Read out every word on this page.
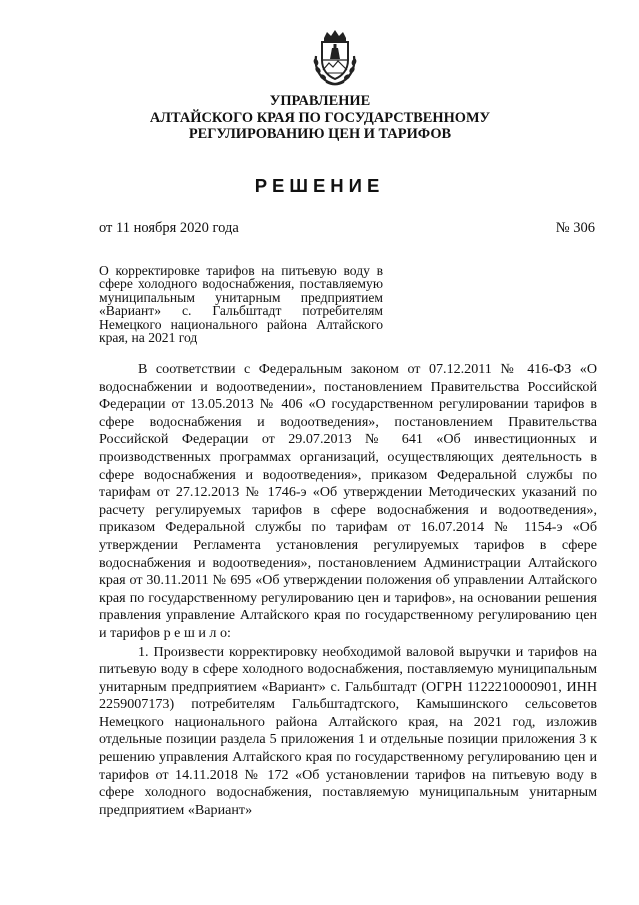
УПРАВЛЕНИЕ
АЛТАЙСКОГО КРАЯ ПО ГОСУДАРСТВЕННОМУ
РЕГУЛИРОВАНИЮ ЦЕН И ТАРИФОВ
РЕШЕНИЕ
от 11 ноября 2020 года	№ 306
О корректировке тарифов на питьевую воду в сфере холодного водоснабжения, поставляемую муниципальным унитарным предприятием «Вариант» с. Гальбштадт потребителям Немецкого национального района Алтайского края, на 2021 год

В соответствии с Федеральным законом от 07.12.2011 № 416-ФЗ «О водоснабжении и водоотведении», постановлением Правительства Российской Федерации от 13.05.2013 № 406 «О государственном регулировании тарифов в сфере водоснабжения и водоотведения», постановлением Правительства Российской Федерации от 29.07.2013 № 641 «Об инвестиционных и производственных программах организаций, осуществляющих деятельность в сфере водоснабжения и водоотведения», приказом Федеральной службы по тарифам от 27.12.2013 № 1746-э «Об утверждении Методических указаний по расчету регулируемых тарифов в сфере водоснабжения и водоотведения», приказом Федеральной службы по тарифам от 16.07.2014 № 1154-э «Об утверждении Регламента установления регулируемых тарифов в сфере водоснабжения и водоотведения», постановлением Администрации Алтайского края от 30.11.2011 № 695 «Об утверждении положения об управлении Алтайского края по государственному регулированию цен и тарифов», на основании решения правления управление Алтайского края по государственному регулированию цен и тарифов р е ш и л о:

1. Произвести корректировку необходимой валовой выручки и тарифов на питьевую воду в сфере холодного водоснабжения, поставляемую муниципальным унитарным предприятием «Вариант» с. Гальбштадт (ОГРН 1122210000901, ИНН 2259007173) потребителям Гальбштадтского, Камышинского сельсоветов Немецкого национального района Алтайского края, на 2021 год, изложив отдельные позиции раздела 5 приложения 1 и отдельные позиции приложения 3 к решению управления Алтайского края по государственному регулированию цен и тарифов от 14.11.2018 № 172 «Об установлении тарифов на питьевую воду в сфере холодного водоснабжения, поставляемую муниципальным унитарным предприятием «Вариант»
